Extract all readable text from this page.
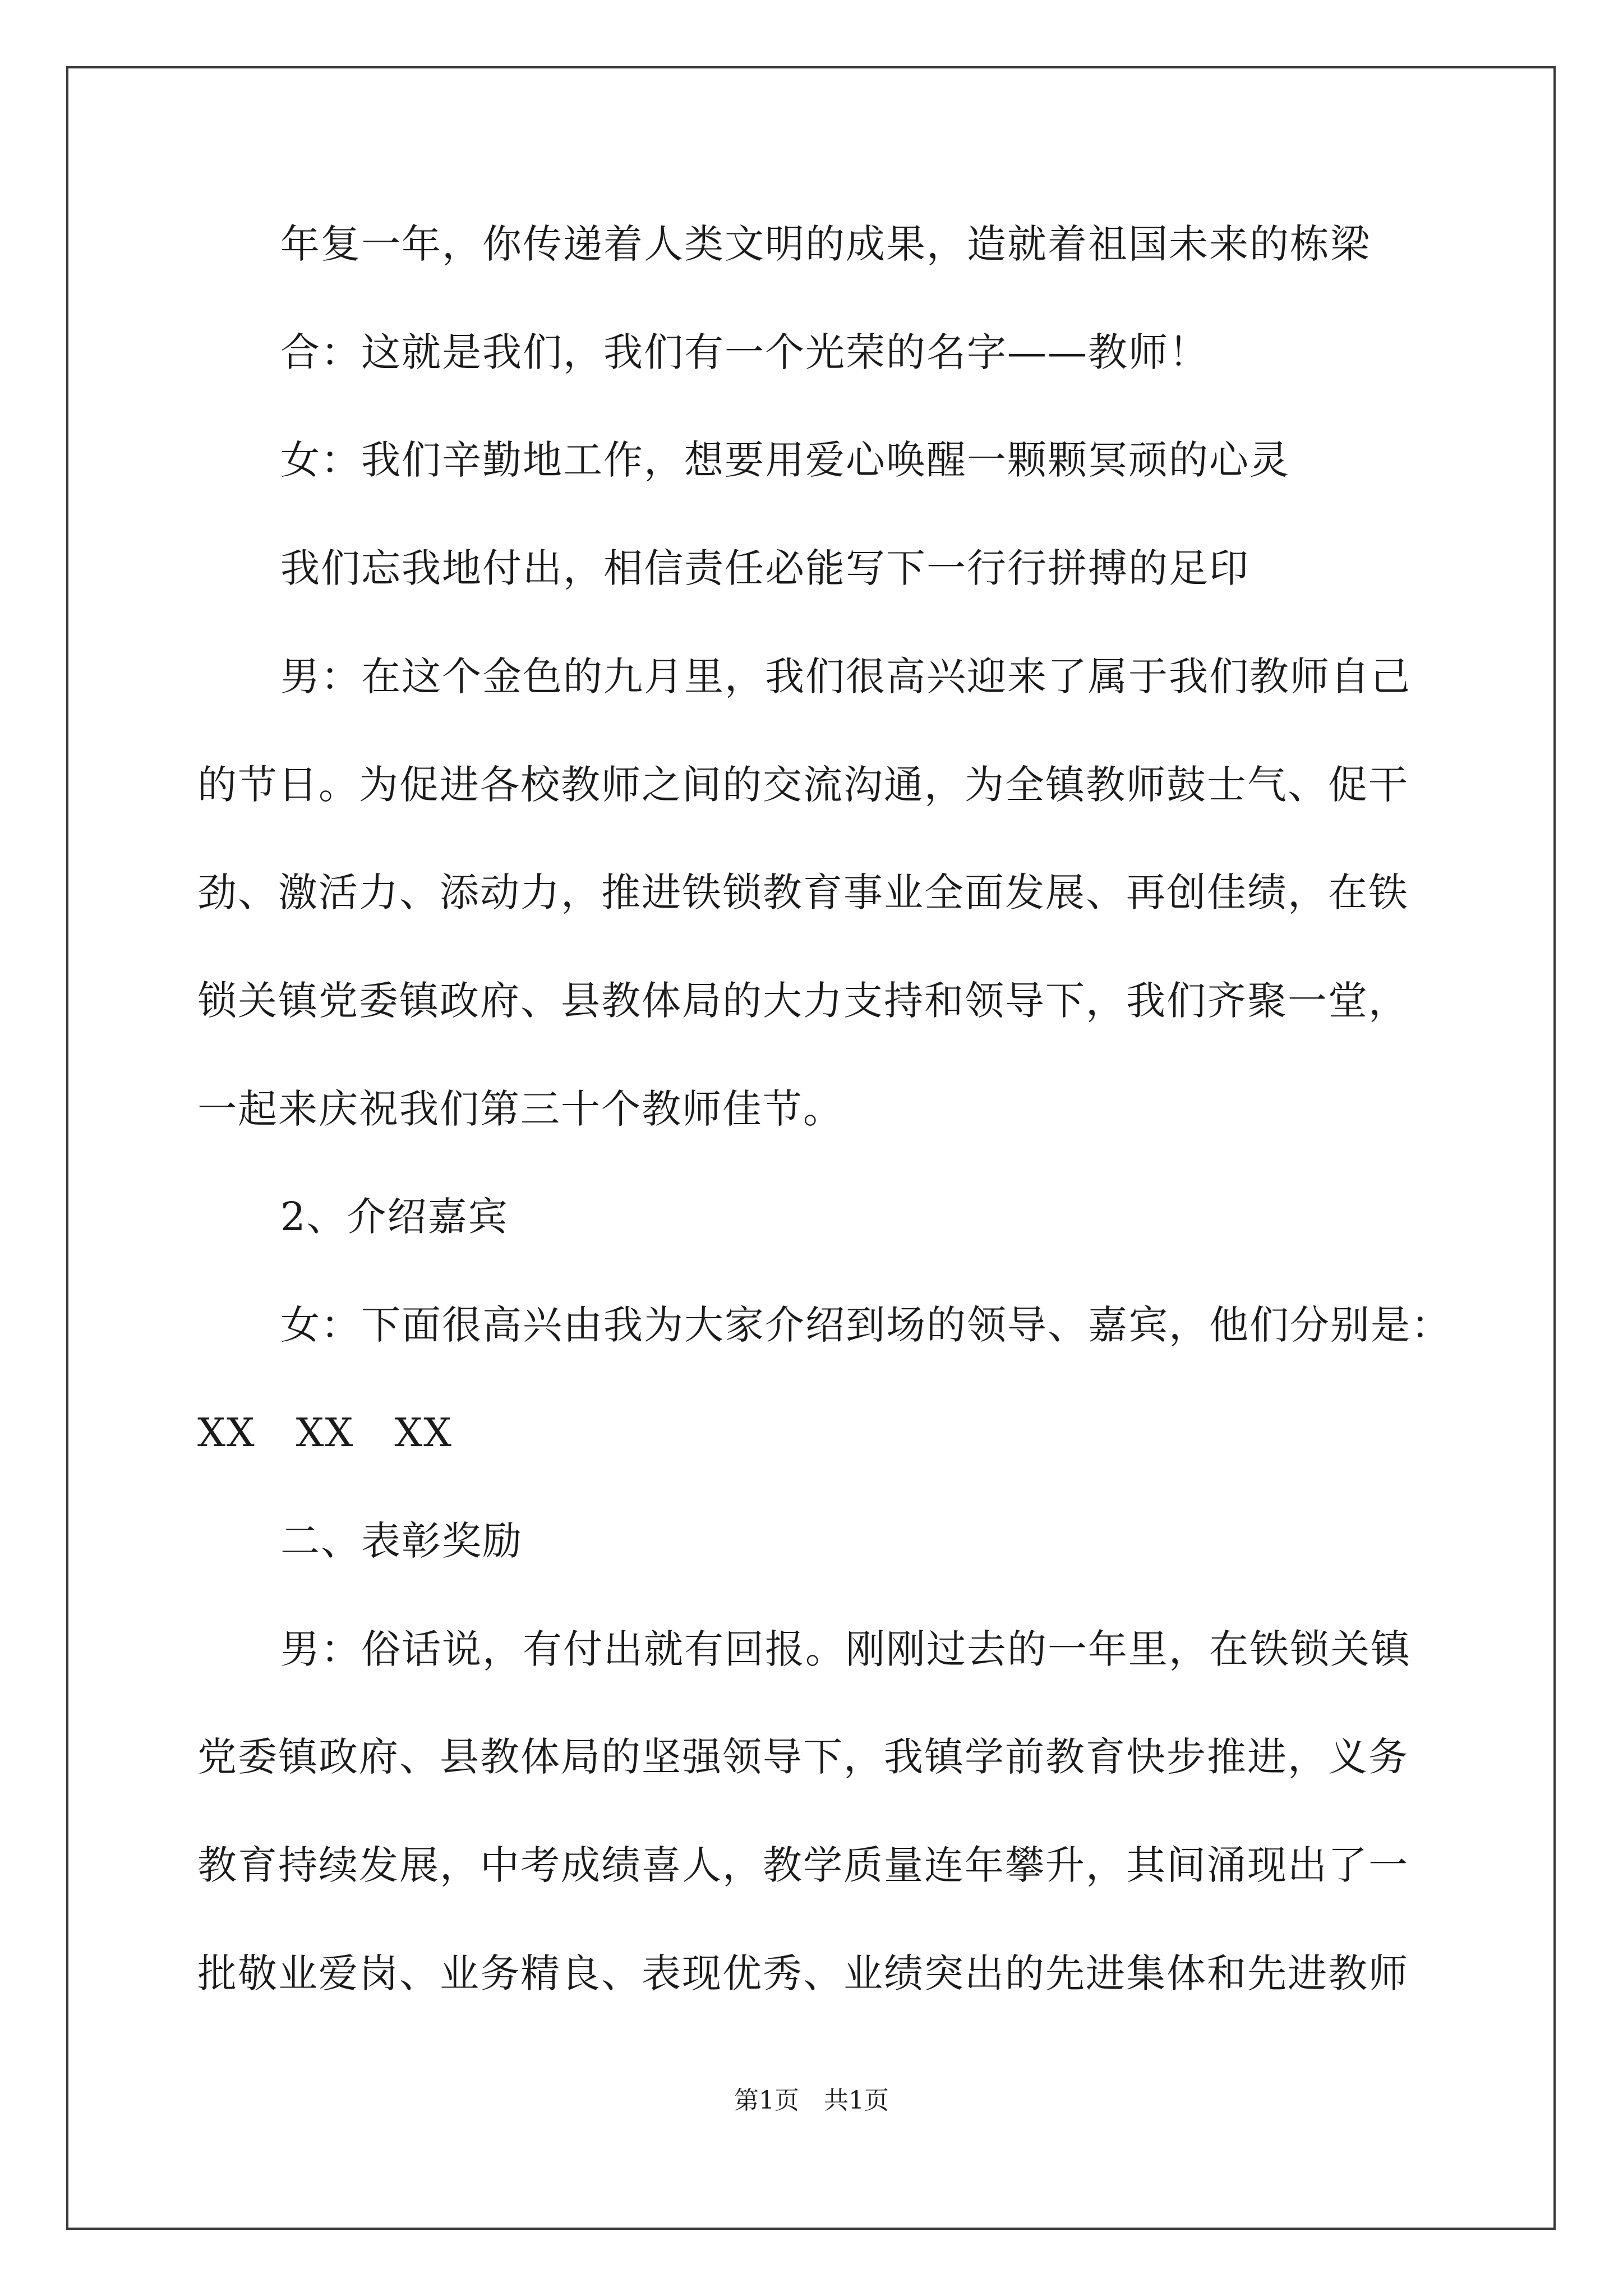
年复一年，你传递着人类文明的成果，造就着祖国未来的栋梁
合：这就是我们，我们有一个光荣的名字——教师！
女：我们辛勤地工作，想要用爱心唤醒一颗颗冥顽的心灵
我们忘我地付出，相信责任必能写下一行行拼搏的足印
男：在这个金色的九月里，我们很高兴迎来了属于我们教师自己
的节日。为促进各校教师之间的交流沟通，为全镇教师鼓士气、促干
劲、激活力、添动力，推进铁锁教育事业全面发展、再创佳绩，在铁
锁关镇党委镇政府、县教体局的大力支持和领导下，我们齐聚一堂，
一起来庆祝我们第三十个教师佳节。
2、介绍嘉宾
女：下面很高兴由我为大家介绍到场的领导、嘉宾，他们分别是：
XX　XX　XX
二、表彰奖励
男：俗话说，有付出就有回报。刚刚过去的一年里，在铁锁关镇
党委镇政府、县教体局的坚强领导下，我镇学前教育快步推进，义务
教育持续发展，中考成绩喜人，教学质量连年攀升，其间涌现出了一
批敬业爱岗、业务精良、表现优秀、业绩突出的先进集体和先进教师
第1页　共1页
